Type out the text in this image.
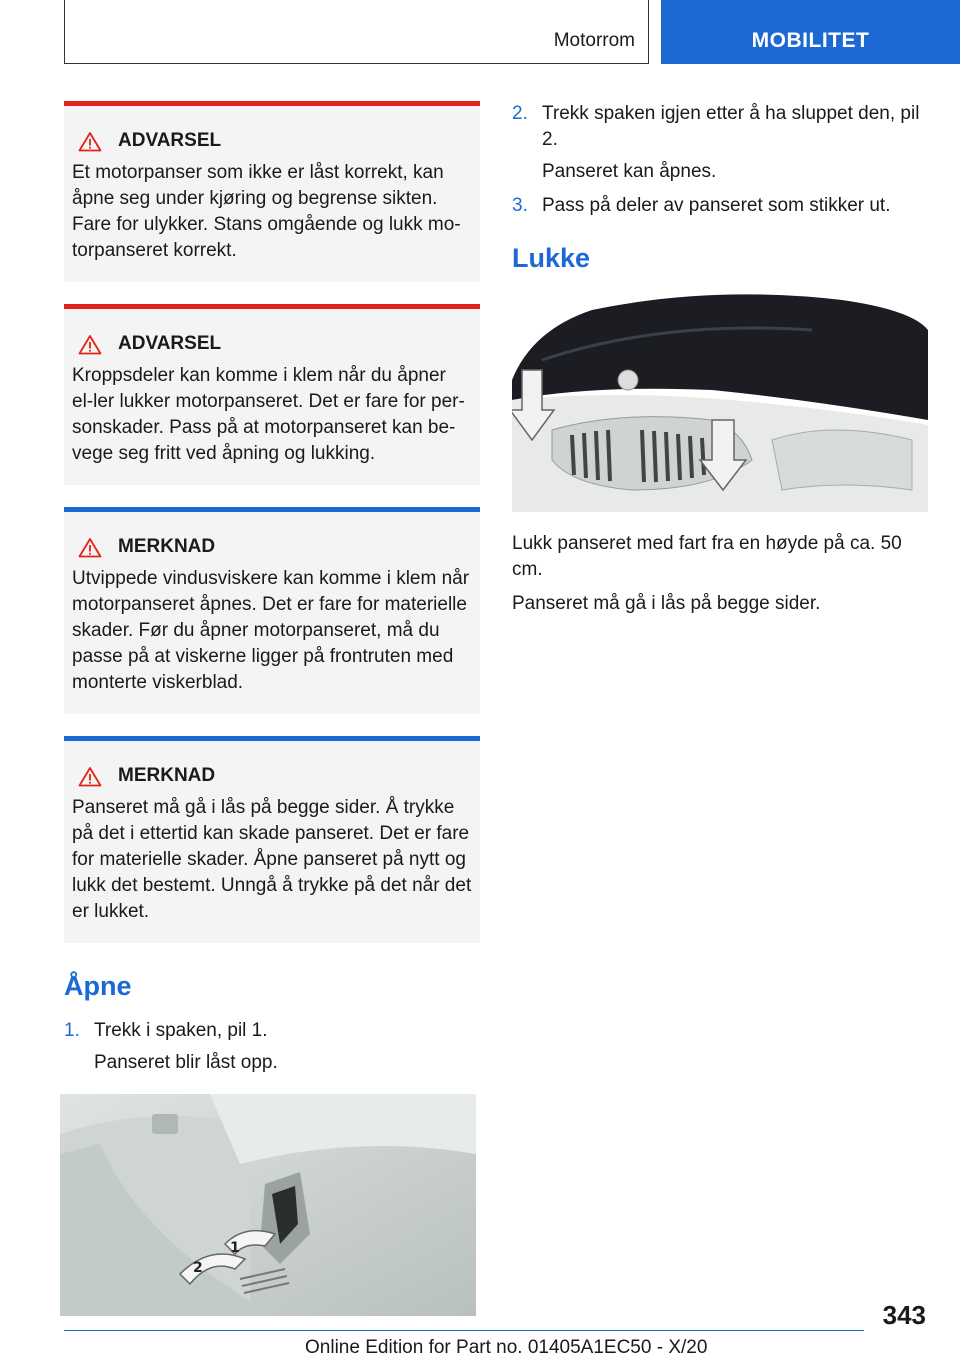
Motorrom	MOBILITET
ADVARSEL
Et motorpanser som ikke er låst korrekt, kan åpne seg under kjøring og begrense sikten. Fare for ulykker. Stans omgående og lukk mo-torpanseret korrekt.
ADVARSEL
Kroppsdeler kan komme i klem når du åpner el-ler lukker motorpanseret. Det er fare for per-sonskader. Pass på at motorpanseret kan be-vege seg fritt ved åpning og lukking.
MERKNAD
Utvippede vindusviskere kan komme i klem når motorpanseret åpnes. Det er fare for materielle skader. Før du åpner motorpanseret, må du passe på at viskerne ligger på frontruten med monterte viskerblad.
MERKNAD
Panseret må gå i lås på begge sider. Å trykke på det i ettertid kan skade panseret. Det er fare for materielle skader. Åpne panseret på nytt og lukk det bestemt. Unngå å trykke på det når det er lukket.
Åpne
1. Trekk i spaken, pil 1.
Panseret blir låst opp.
2
1
2. Trekk spaken igjen etter å ha sluppet den, pil 2.
Panseret kan åpnes.
3. Pass på deler av panseret som stikker ut.
Lukke
Lukk panseret med fart fra en høyde på ca. 50 cm.
Panseret må gå i lås på begge sider.
343
Online Edition for Part no. 01405A1EC50 - X/20
